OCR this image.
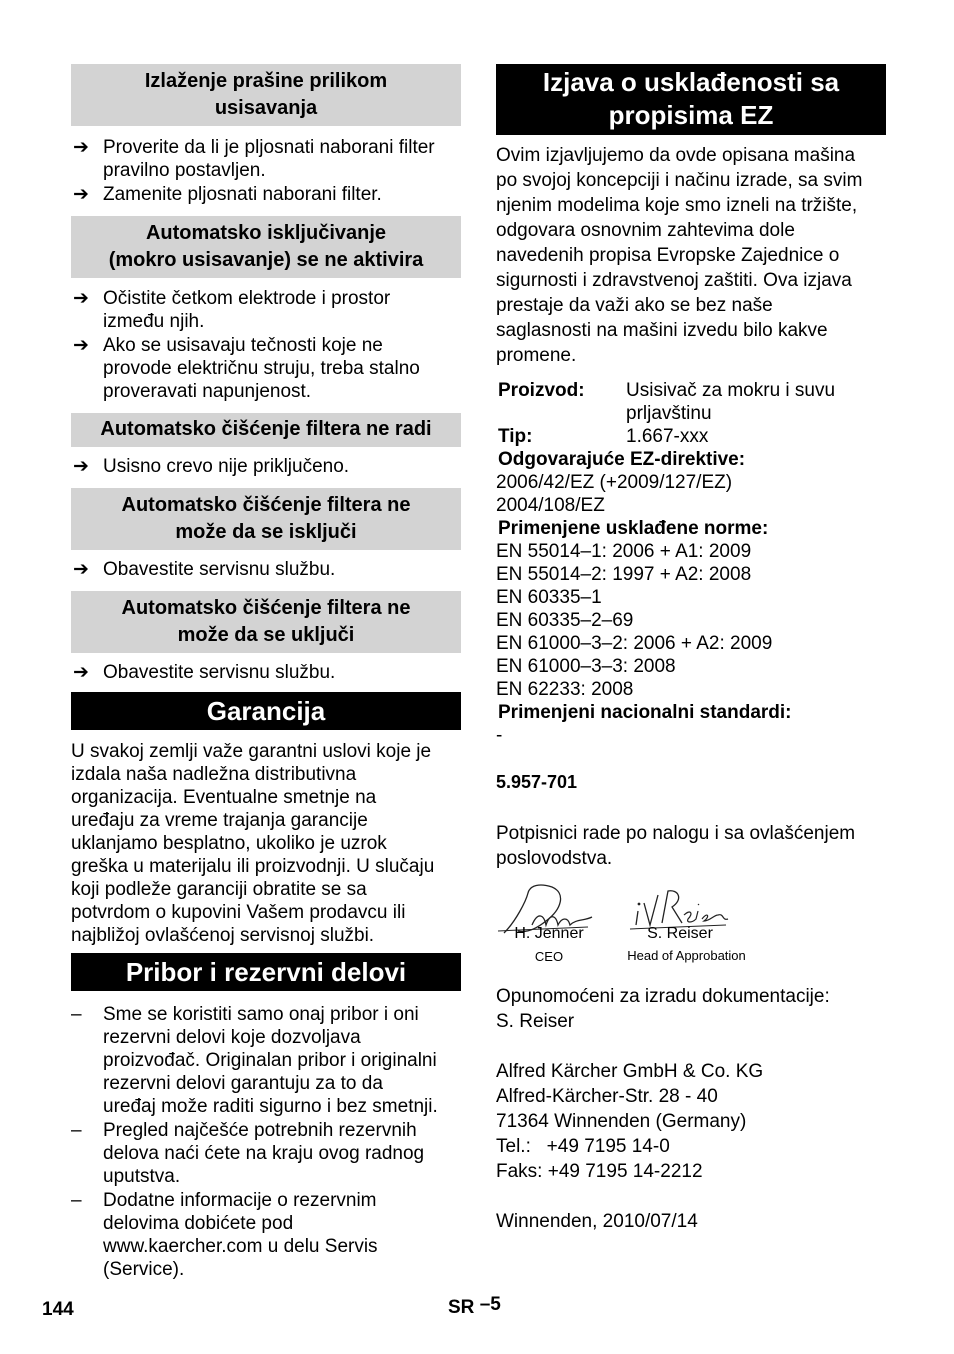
Izlaženje prašine prilikom
usisavanja
➔ Proverite da li je pljosnati naborani filter
pravilno postavljen.
➔ Zamenite pljosnati naborani filter.
Automatsko isključivanje
(mokro usisavanje) se ne aktivira
➔ Očistite četkom elektrode i prostor
između njih.
➔ Ako se usisavaju tečnosti koje ne
provode električnu struju, treba stalno
proveravati napunjenost.
Automatsko čišćenje filtera ne radi
➔ Usisno crevo nije priključeno.
Automatsko čišćenje filtera ne
može da se isključi
➔ Obavestite servisnu službu.
Automatsko čišćenje filtera ne
može da se uključi
➔ Obavestite servisnu službu.
Garancija
U svakoj zemlji važe garantni uslovi koje je
izdala naša nadležna distributivna
organizacija. Eventualne smetnje na
uređaju za vreme trajanja garancije
uklanjamo besplatno, ukoliko je uzrok
greška u materijalu ili proizvodnji. U slučaju
koji podleže garanciji obratite se sa
potvrdom o kupovini Vašem prodavcu ili
najbližoj ovlašćenoj servisnoj službi.
Pribor i rezervni delovi
– Sme se koristiti samo onaj pribor i oni
rezervni delovi koje dozvoljava
proizvođač. Originalan pribor i originalni
rezervni delovi garantuju za to da
uređaj može raditi sigurno i bez smetnji.
– Pregled najčešće potrebnih rezervnih
delova naći ćete na kraju ovog radnog
uputstva.
– Dodatne informacije o rezervnim
delovima dobićete pod
www.kaercher.com u delu Servis
(Service).
Izjava o usklađenosti sa
propisima EZ
Ovim izjavljujemo da ovde opisana mašina
po svojoj koncepciji i načinu izrade, sa svim
njenim modelima koje smo izneli na tržište,
odgovara osnovnim zahtevima dole
navedenih propisa Evropske Zajednice o
sigurnosti i zdravstvenoj zaštiti. Ova izjava
prestaje da važi ako se bez naše
saglasnosti na mašini izvedu bilo kakve
promene.
Proizvod:	Usisivač za mokru i suvu
prljavštinu
Tip:	1.667-xxx
Odgovarajuće EZ-direktive:
2006/42/EZ (+2009/127/EZ)
2004/108/EZ
Primenjene usklađene norme:
EN 55014–1: 2006 + A1: 2009
EN 55014–2: 1997 + A2: 2008
EN 60335–1
EN 60335–2–69
EN 61000–3–2: 2006 + A2: 2009
EN 61000–3–3: 2008
EN 62233: 2008
Primenjeni nacionalni standardi:
-
5.957-701
Potpisnici rade po nalogu i sa ovlašćenjem
poslovodstva.
H. Jenner
CEO
S. Reiser
Head of Approbation
Opunomoćeni za izradu dokumentacije:
S. Reiser
Alfred Kärcher GmbH & Co. KG
Alfred-Kärcher-Str. 28 - 40
71364 Winnenden (Germany)
Tel.:   +49 7195 14-0
Faks: +49 7195 14-2212
Winnenden, 2010/07/14
144	SR –5
